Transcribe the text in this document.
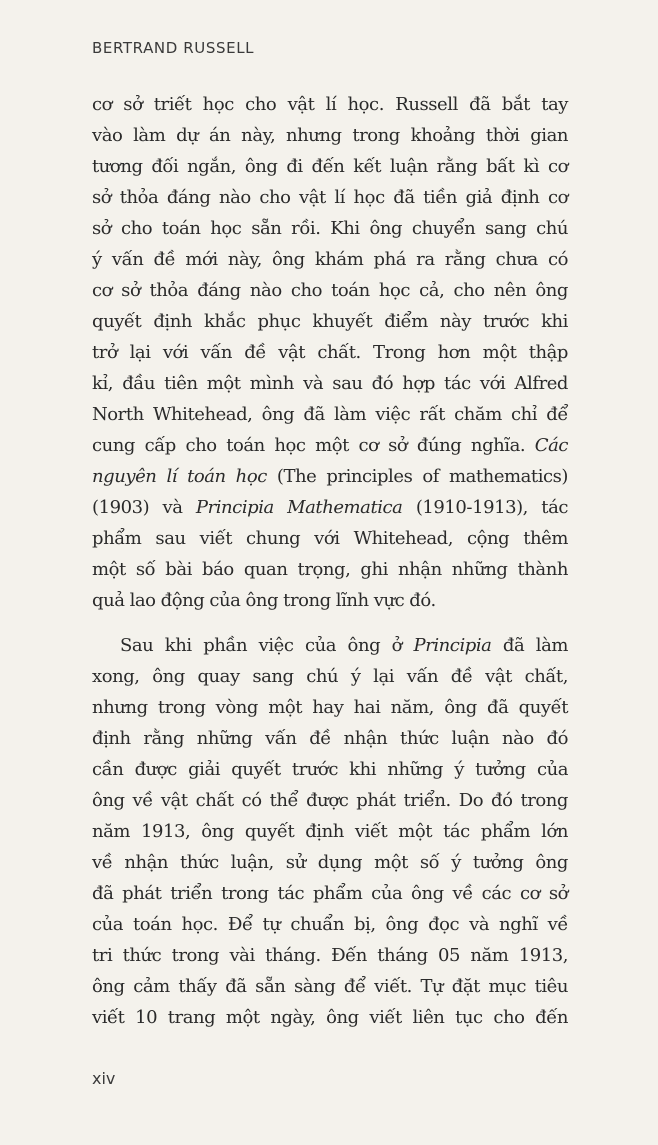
BERTRAND RUSSELL

cơ sở triết học cho vật lí học. Russell đã bắt tay
vào làm dự án này, nhưng trong khoảng thời gian
tương đối ngắn, ông đi đến kết luận rằng bất kì cơ
sở thỏa đáng nào cho vật lí học đã tiền giả định cơ
sở cho toán học sẵn rồi. Khi ông chuyển sang chú
ý vấn đề mới này, ông khám phá ra rằng chưa có
cơ sở thỏa đáng nào cho toán học cả, cho nên ông
quyết định khắc phục khuyết điểm này trước khi
trở lại với vấn đề vật chất. Trong hơn một thập
kỉ, đầu tiên một mình và sau đó hợp tác với Alfred
North Whitehead, ông đã làm việc rất chăm chỉ để
cung cấp cho toán học một cơ sở đúng nghĩa. Các
nguyên lí toán học (The principles of mathematics)
(1903) và Principia Mathematica (1910-1913), tác
phẩm sau viết chung với Whitehead, cộng thêm
một số bài báo quan trọng, ghi nhận những thành
quả lao động của ông trong lĩnh vực đó.

Sau khi phần việc của ông ở Principia đã làm
xong, ông quay sang chú ý lại vấn đề vật chất,
nhưng trong vòng một hay hai năm, ông đã quyết
định rằng những vấn đề nhận thức luận nào đó
cần được giải quyết trước khi những ý tưởng của
ông về vật chất có thể được phát triển. Do đó trong
năm 1913, ông quyết định viết một tác phẩm lớn
về nhận thức luận, sử dụng một số ý tưởng ông
đã phát triển trong tác phẩm của ông về các cơ sở
của toán học. Để tự chuẩn bị, ông đọc và nghĩ về
tri thức trong vài tháng. Đến tháng 05 năm 1913,
ông cảm thấy đã sẵn sàng để viết. Tự đặt mục tiêu
viết 10 trang một ngày, ông viết liên tục cho đến

xiv
